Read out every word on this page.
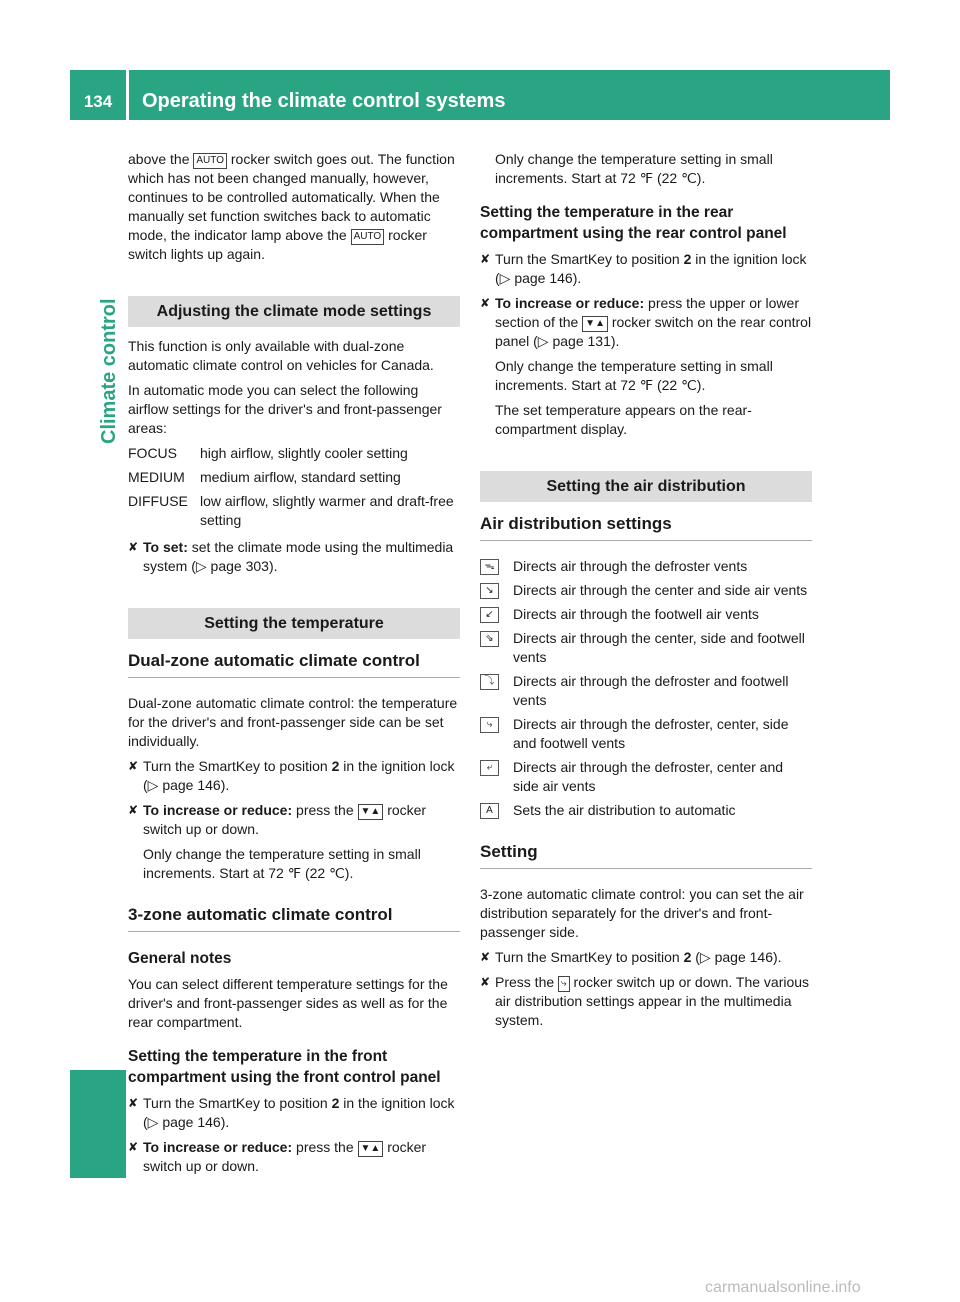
134	Operating the climate control systems
Climate control

above the AUTO rocker switch goes out. The function which has not been changed manually, however, continues to be controlled automatically. When the manually set function switches back to automatic mode, the indicator lamp above the AUTO rocker switch lights up again.

Adjusting the climate mode settings

This function is only available with dual-zone automatic climate control on vehicles for Canada.

In automatic mode you can select the following airflow settings for the driver's and front-passenger areas:

FOCUS	high airflow, slightly cooler setting
MEDIUM	medium airflow, standard setting
DIFFUSE low airflow, slightly warmer and draft-free setting
✘ To set: set the climate mode using the multimedia system (▷ page 303).
Setting the temperature
Dual-zone automatic climate control

Dual-zone automatic climate control: the temperature for the driver's and front-passenger side can be set individually.

✘ Turn the SmartKey to position 2 in the ignition lock (▷ page 146).
✘ To increase or reduce: press the ▼▲ rocker switch up or down.
Only change the temperature setting in small increments. Start at 72 ℉ (22 ℃).
3-zone automatic climate control
General notes

You can select different temperature settings for the driver's and front-passenger sides as well as for the rear compartment.

Setting the temperature in the front compartment using the front control panel
✘ Turn the SmartKey to position 2 in the ignition lock (▷ page 146).
✘ To increase or reduce: press the ▼▲ rocker switch up or down.
Only change the temperature setting in small increments. Start at 72 ℉ (22 ℃).
Setting the temperature in the rear compartment using the rear control panel
✘ Turn the SmartKey to position 2 in the ignition lock (▷ page 146).
✘ To increase or reduce: press the upper or lower section of the ▼▲ rocker switch on the rear control panel (▷ page 131).
Only change the temperature setting in small increments. Start at 72 ℉ (22 ℃).
The set temperature appears on the rear-compartment display.
Setting the air distribution
Air distribution settings
ᯓ	Directs air through the defroster vents
↘	Directs air through the center and side air vents
↙	Directs air through the footwell air vents
⇘	Directs air through the center, side and footwell vents
⤵	Directs air through the defroster and footwell vents
⤷	Directs air through the defroster, center, side and footwell vents
⤶	Directs air through the defroster, center and side air vents
A	Sets the air distribution to automatic
Setting

3-zone automatic climate control: you can set the air distribution separately for the driver's and front-passenger side.

✘ Turn the SmartKey to position 2 (▷ page 146).
✘ Press the ⤷ rocker switch up or down. The various air distribution settings appear in the multimedia system.
carmanualsonline.info
